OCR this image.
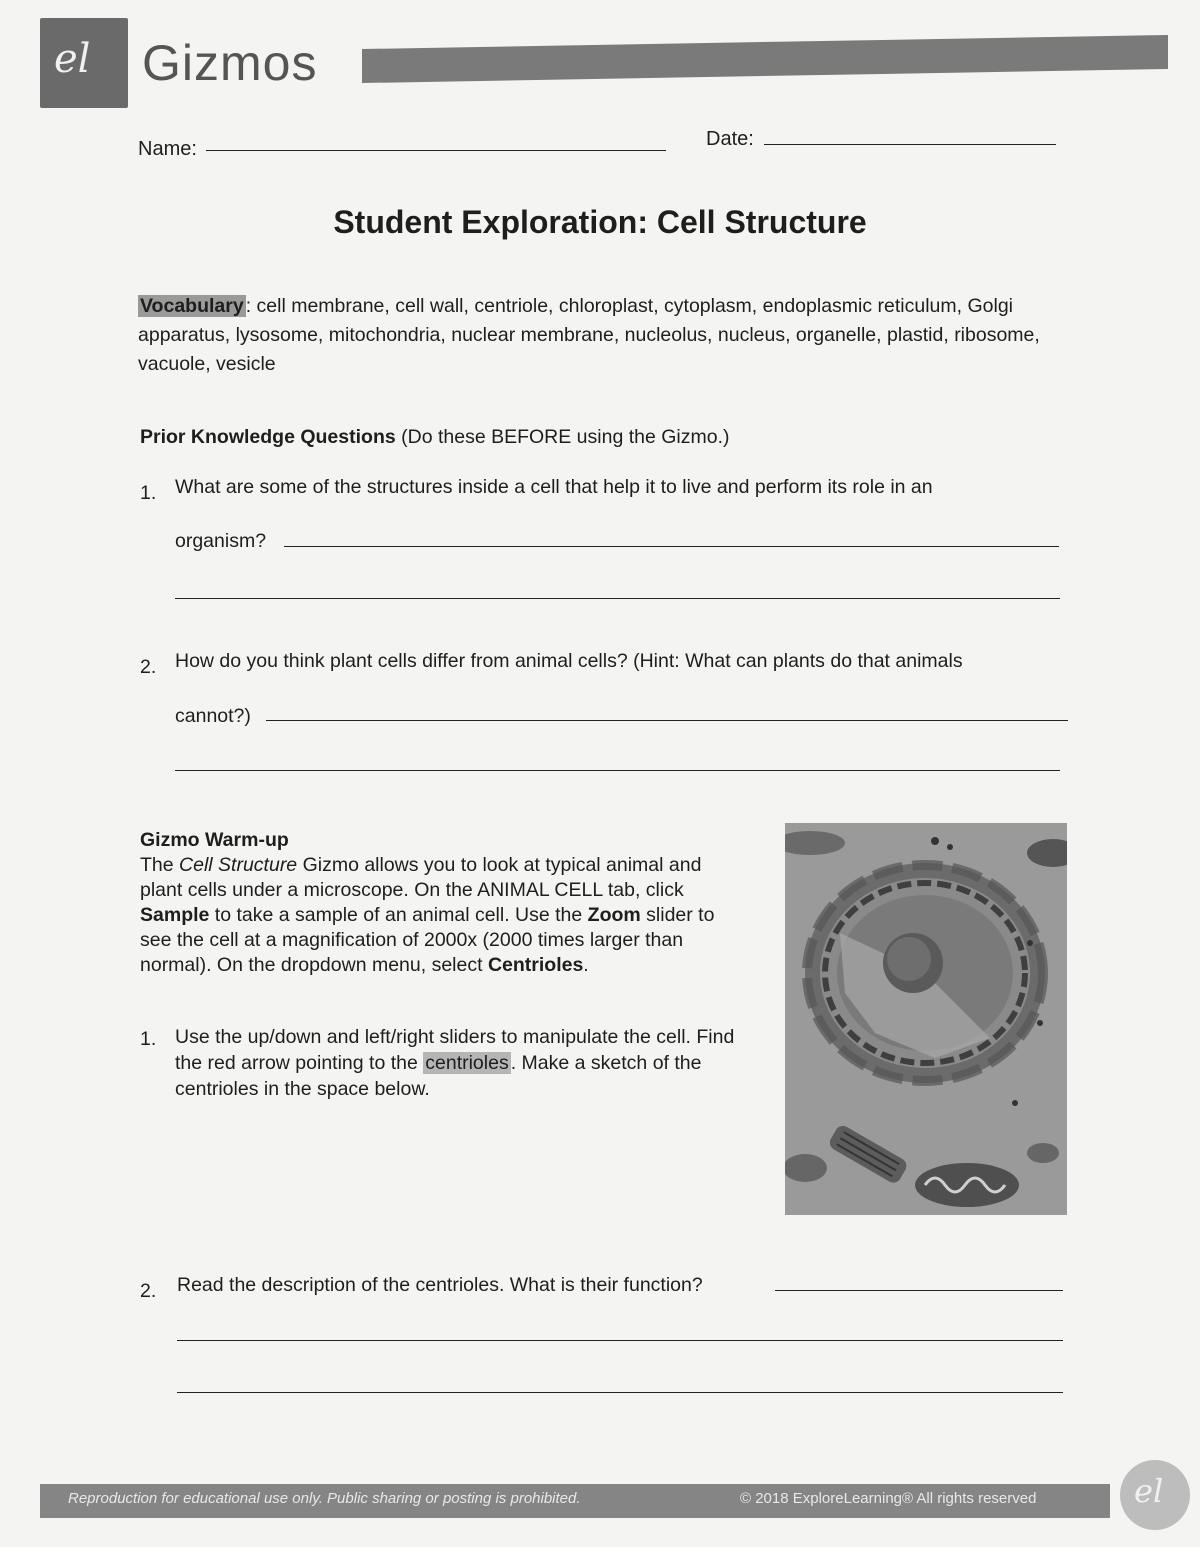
el Gizmos
Name:	Date:
Student Exploration: Cell Structure
Vocabulary : cell membrane, cell wall, centriole, chloroplast, cytoplasm, endoplasmic reticulum, Golgi apparatus, lysosome, mitochondria, nuclear membrane, nucleolus, nucleus, organelle, plastid, ribosome, vacuole, vesicle
Prior Knowledge Questions (Do these BEFORE using the Gizmo.)
1. What are some of the structures inside a cell that help it to live and perform its role in an
organism?
2. How do you think plant cells differ from animal cells? (Hint: What can plants do that animals
cannot?)
Gizmo Warm-up
The Cell Structure Gizmo allows you to look at typical animal and plant cells under a microscope. On the ANIMAL CELL tab, click Sample to take a sample of an animal cell. Use the Zoom slider to see the cell at a magnification of 2000x (2000 times larger than normal). On the dropdown menu, select Centrioles.
1. Use the up/down and left/right sliders to manipulate the cell. Find the red arrow pointing to the centrioles . Make a sketch of the centrioles in the space below.
2. Read the description of the centrioles. What is their function?
Reproduction for educational use only. Public sharing or posting is prohibited.	© 2018 ExploreLearning® All rights reserved	el
